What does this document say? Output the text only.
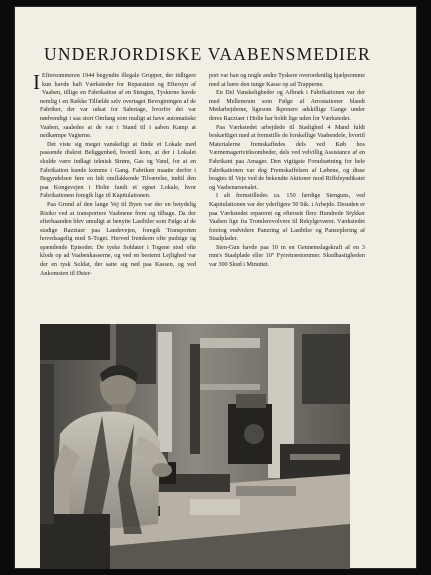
UNDERJORDISKE VAABENSMEDIER

I Eftersommeren 1944 begyndte illegale Grupper, der tidligere kun havde haft Værksteder for Reparation og Eftersyn af Vaaben, tillige en Fabrikation af en Stengun, Tyskerne havde nemlig i en Række Tilfælde selv overtaget Bevogtningen af de Fabriker, der var udsat for Sabotage, hvorfor det var nødvendigt i saa stort Omfang som muligt at have automatiske Vaaben, saaledes at de var i Stand til i aaben Kamp at nedkæmpe Vagterne.

Det viste sig meget vanskeligt at finde et Lokale med passende diskret Beliggenhed, hvortil kom, at der i Lokalet skulde være indlagt teknisk Strøm, Gas og Vand, for at en Fabrikation kunde komme i Gang. Fabriken maatte derfor i Begyndelsen føre en lidt omflakkende Tilværelse, indtil den paa Kongevejen i Holte fandt et egnet Lokale, hvor Fabrikationen foregik lige til Kapitulationen.

Paa Grund af den lange Vej til Byen var der en betydelig Risiko ved at transportere Vaabnene frem og tilbage. Da der efterhaanden blev umuligt at benytte Lastbiler som Følge af de stadige Razziaer paa Landevejen, foregik Transporten hovedsagelig med S-Toget. Herved fremkom ofte pudsige og spændende Episoder. De tyske Soldater i Togene stod ofte klods op ad Vaabenkasserne, og ved en bestemt Lejlighed var der en tysk Soldat, der satte sig ned paa Kassen, og ved Ankomsten til Øster-

port var han og nogle andre Tyskere overordentlig hjælpsomme med at bære den tunge Kasse op ad Trapperne.

En Del Vanskeligheder og Afbræk i Fabrikationen var der med Mellemrum som Følge af Arrestationer blandt Medarbejderne, ligesom Ikponere adskillige Gange under deres Razziaer i Holte har holdt lige uden for Værkstedet.

Paa Værkstedet arbejdede til Stadighed 4 Mand fuldt beskæftiget med at fremstille de forskellige Vaabendele, hvortil Materialerne fremskaffedes dels ved Køb hos Værnemagerivirksomheder, dels ved velvillig Assistance af en Fabrikant paa Amager. Den vigtigste Forudsætning for hele Fabrikationen var dog Fremskaffelsen af Løbene, og disse bragtes til Veje ved de bekendte Aktioner mod Riffelsyndikatet og Vaabenarsenalet.

I alt fremstilledes ca. 150 færdige Stenguns, ved Kapitulationen var der yderligere 50 Stk. i Arbejde. Desuden er paa Værkstedet repareret og eftersett flere Hundrede Stykker Vaaben lige fra Tromlerevolvere til Rekylgeværer. Værkstedet foretog endvidere Panzring af Lastbiler og Panzeplering af Staalplader.

Sten-Gun havde paa 10 m en Gennemslagskraft af en 3 mm's Staalplade eller 10" Fyrretræstommer. Skudhastigheden var 300 Skud i Minuttet.
